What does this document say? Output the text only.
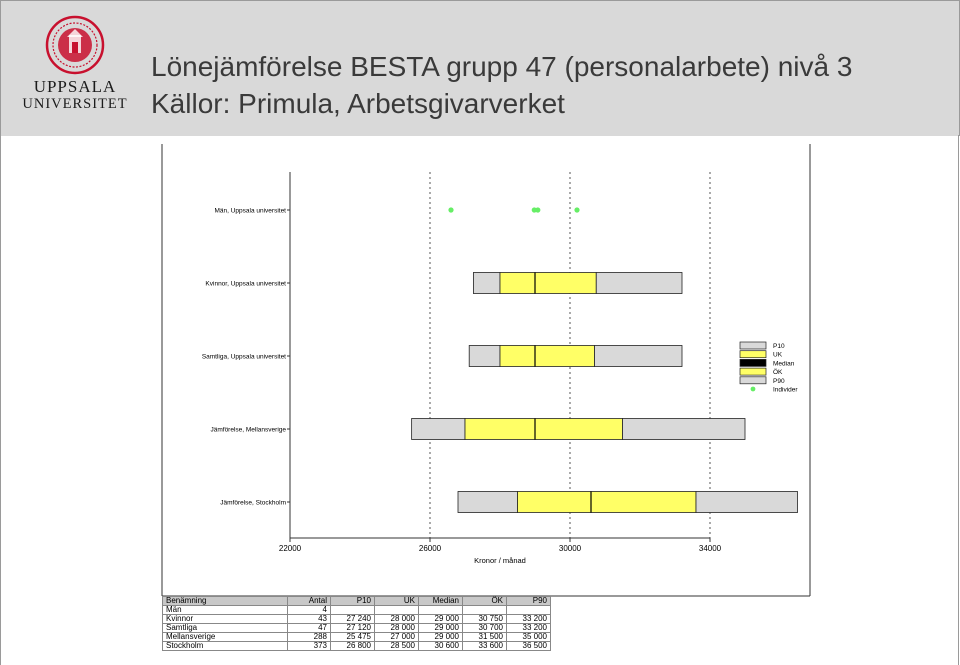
UPPSALA
UNIVERSITET
Lönejämförelse BESTA grupp 47 (personalarbete) nivå 3
Källor: Primula, Arbetsgivarverket
Män, Uppsala universitet
Kvinnor, Uppsala universitet
Samtliga, Uppsala universitet
Jämförelse, Mellansverige
Jämförelse, Stockholm
22000	26000	30000	34000
Kronor / månad
P10
UK
Median
ÖK
P90
Individer
Benämning	Antal	P10	UK	Median	ÖK	P90
Män	4					
Kvinnor	43	27 240	28 000	29 000	30 750	33 200
Samtliga	47	27 120	28 000	29 000	30 700	33 200
Mellansverige	288	25 475	27 000	29 000	31 500	35 000
Stockholm	373	26 800	28 500	30 600	33 600	36 500
